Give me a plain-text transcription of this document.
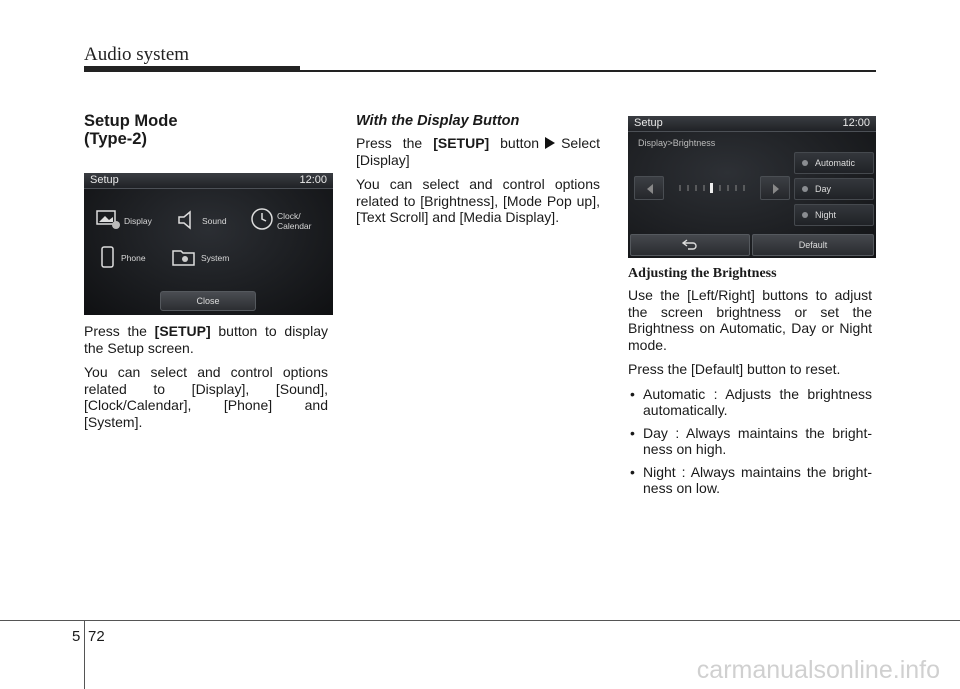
Audio system
Setup Mode
(Type-2)

Press the [SETUP] button to display the Setup screen.

You can select and control options related to [Display], [Sound], [Clock/Calendar], [Phone] and [System].

Setup	12:00
Display	Sound	Clock/
Calendar
Phone	System
Close
With the Display Button

Press the [SETUP] button Select [Display]

You can select and control options related to [Brightness], [Mode Pop up], [Text Scroll] and [Media Display].

Setup	12:00
Display>Brightness
Automatic
Day
Night
Default
Adjusting the Brightness

Use the [Left/Right] buttons to adjust the screen brightness or set the Brightness on Automatic, Day or Night mode.

Press the [Default] button to reset.

• Automatic : Adjusts the brightness automatically.
• Day : Always maintains the bright-ness on high.
• Night : Always maintains the bright-ness on low.
5 72
carmanualsonline.info
